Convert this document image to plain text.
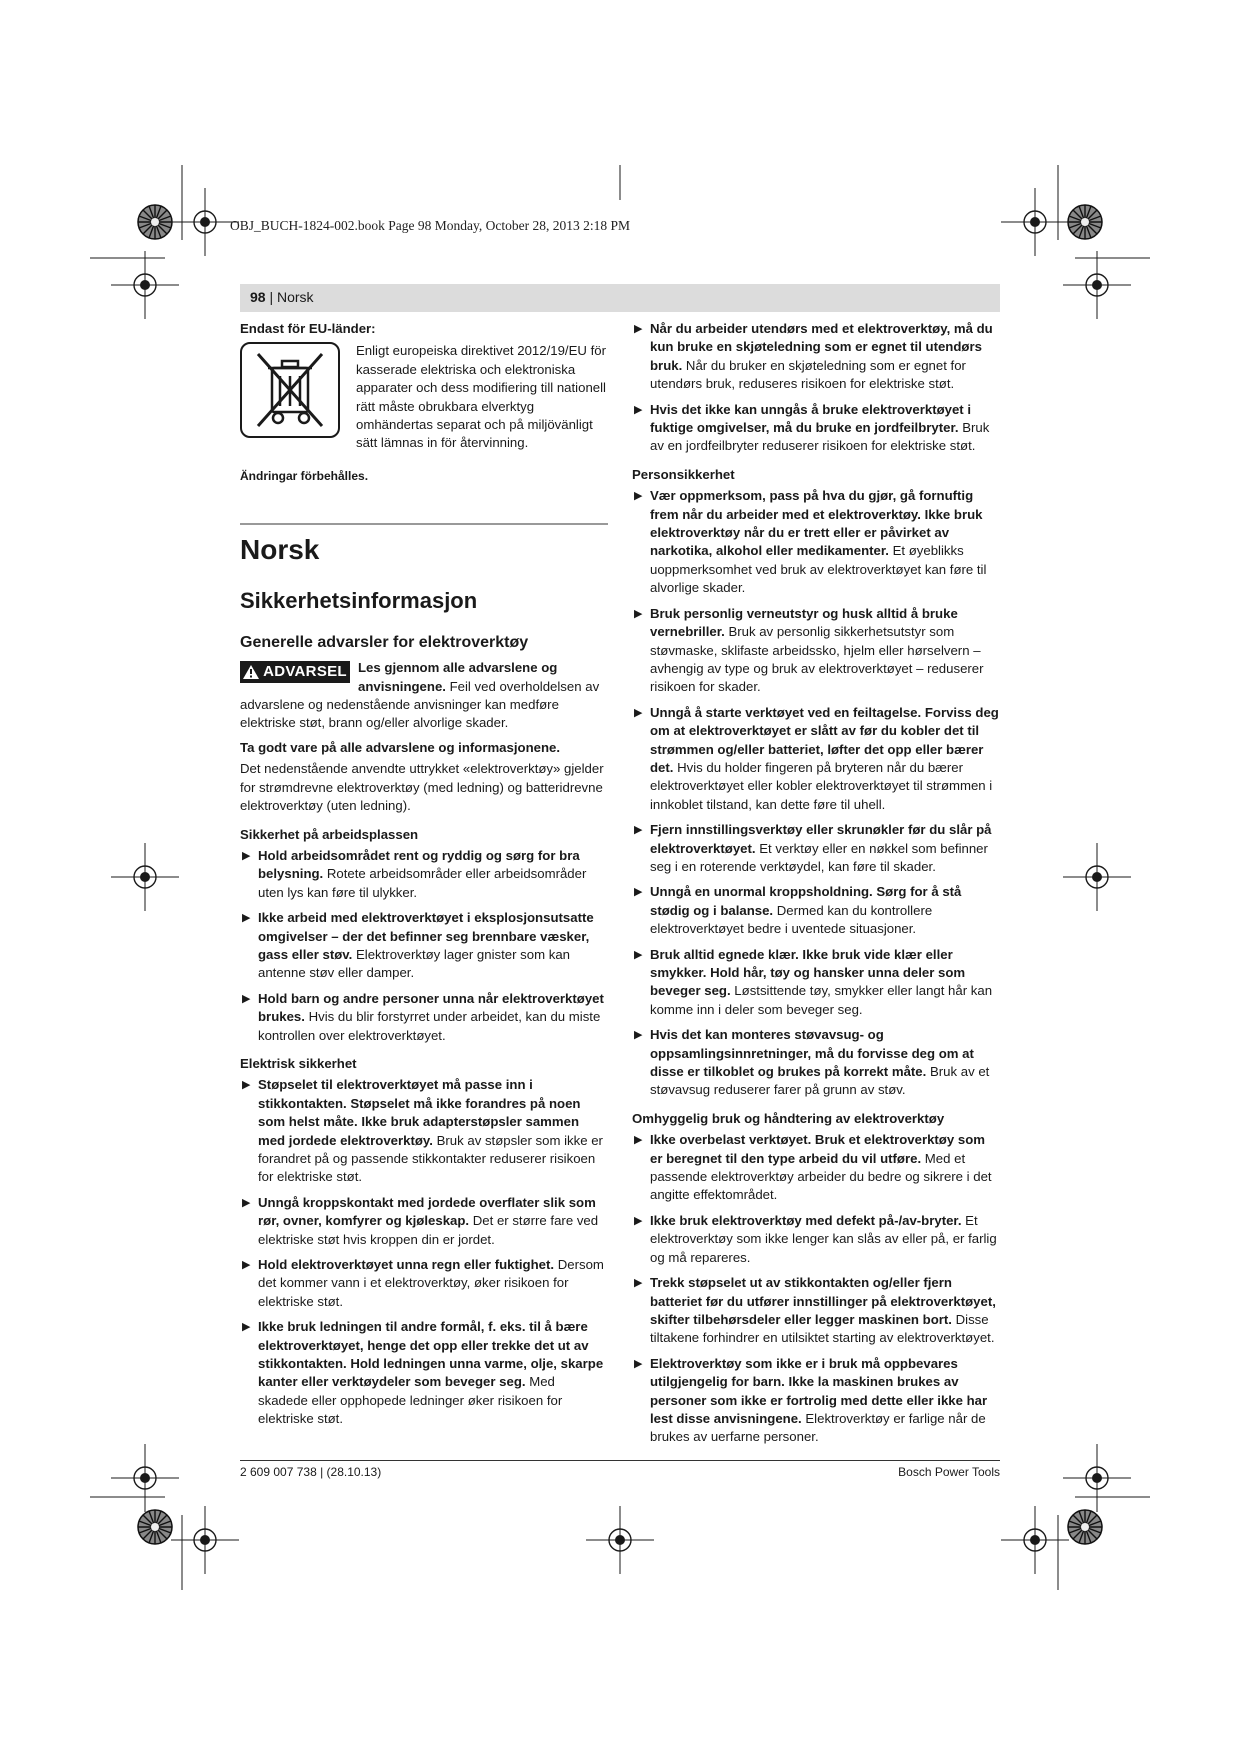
OBJ_BUCH-1824-002.book Page 98 Monday, October 28, 2013 2:18 PM
98 | Norsk
Endast för EU-länder:
Enligt europeiska direktivet 2012/19/EU för kasserade elektriska och elektroniska apparater och dess modifiering till nationell rätt måste obrukbara elverktyg omhändertas separat och på miljövänligt sätt lämnas in för återvinning.
Ändringar förbehålles.
Norsk
Sikkerhetsinformasjon
Generelle advarsler for elektroverktøy
ADVARSEL Les gjennom alle advarslene og anvisningene. Feil ved overholdelsen av advarslene og nedenstående anvisninger kan medføre elektriske støt, brann og/eller alvorlige skader.
Ta godt vare på alle advarslene og informasjonene.
Det nedenstående anvendte uttrykket «elektroverktøy» gjelder for strømdrevne elektroverktøy (med ledning) og batteridrevne elektroverktøy (uten ledning).
Sikkerhet på arbeidsplassen
▶ Hold arbeidsområdet rent og ryddig og sørg for bra belysning. Rotete arbeidsområder eller arbeidsområder uten lys kan føre til ulykker.
▶ Ikke arbeid med elektroverktøyet i eksplosjonsutsatte omgivelser – der det befinner seg brennbare væsker, gass eller støv. Elektroverktøy lager gnister som kan antenne støv eller damper.
▶ Hold barn og andre personer unna når elektroverktøyet brukes. Hvis du blir forstyrret under arbeidet, kan du miste kontrollen over elektroverktøyet.
Elektrisk sikkerhet
▶ Støpselet til elektroverktøyet må passe inn i stikkontakten. Støpselet må ikke forandres på noen som helst måte. Ikke bruk adapterstøpsler sammen med jordede elektroverktøy. Bruk av støpsler som ikke er forandret på og passende stikkontakter reduserer risikoen for elektriske støt.
▶ Unngå kroppskontakt med jordede overflater slik som rør, ovner, komfyrer og kjøleskap. Det er større fare ved elektriske støt hvis kroppen din er jordet.
▶ Hold elektroverktøyet unna regn eller fuktighet. Dersom det kommer vann i et elektroverktøy, øker risikoen for elektriske støt.
▶ Ikke bruk ledningen til andre formål, f. eks. til å bære elektroverktøyet, henge det opp eller trekke det ut av stikkontakten. Hold ledningen unna varme, olje, skarpe kanter eller verktøydeler som beveger seg. Med skadede eller opphopede ledninger øker risikoen for elektriske støt.
▶ Når du arbeider utendørs med et elektroverktøy, må du kun bruke en skjøteledning som er egnet til utendørs bruk. Når du bruker en skjøteledning som er egnet for utendørs bruk, reduseres risikoen for elektriske støt.
▶ Hvis det ikke kan unngås å bruke elektroverktøyet i fuktige omgivelser, må du bruke en jordfeilbryter. Bruk av en jordfeilbryter reduserer risikoen for elektriske støt.
Personsikkerhet
▶ Vær oppmerksom, pass på hva du gjør, gå fornuftig frem når du arbeider med et elektroverktøy. Ikke bruk elektroverktøy når du er trett eller er påvirket av narkotika, alkohol eller medikamenter. Et øyeblikks uoppmerksomhet ved bruk av elektroverktøyet kan føre til alvorlige skader.
▶ Bruk personlig verneutstyr og husk alltid å bruke vernebriller. Bruk av personlig sikkerhetsutstyr som støvmaske, sklifaste arbeidssko, hjelm eller hørselvern – avhengig av type og bruk av elektroverktøyet – reduserer risikoen for skader.
▶ Unngå å starte verktøyet ved en feiltagelse. Forviss deg om at elektroverktøyet er slått av før du kobler det til strømmen og/eller batteriet, løfter det opp eller bærer det. Hvis du holder fingeren på bryteren når du bærer elektroverktøyet eller kobler elektroverktøyet til strømmen i innkoblet tilstand, kan dette føre til uhell.
▶ Fjern innstillingsverktøy eller skrunøkler før du slår på elektroverktøyet. Et verktøy eller en nøkkel som befinner seg i en roterende verktøydel, kan føre til skader.
▶ Unngå en unormal kroppsholdning. Sørg for å stå stødig og i balanse. Dermed kan du kontrollere elektroverktøyet bedre i uventede situasjoner.
▶ Bruk alltid egnede klær. Ikke bruk vide klær eller smykker. Hold hår, tøy og hansker unna deler som beveger seg. Løstsittende tøy, smykker eller langt hår kan komme inn i deler som beveger seg.
▶ Hvis det kan monteres støvavsug- og oppsamlingsinnretninger, må du forvisse deg om at disse er tilkoblet og brukes på korrekt måte. Bruk av et støvavsug reduserer farer på grunn av støv.
Omhyggelig bruk og håndtering av elektroverktøy
▶ Ikke overbelast verktøyet. Bruk et elektroverktøy som er beregnet til den type arbeid du vil utføre. Med et passende elektroverktøy arbeider du bedre og sikrere i det angitte effektområdet.
▶ Ikke bruk elektroverktøy med defekt på-/av-bryter. Et elektroverktøy som ikke lenger kan slås av eller på, er farlig og må repareres.
▶ Trekk støpselet ut av stikkontakten og/eller fjern batteriet før du utfører innstillinger på elektroverktøyet, skifter tilbehørsdeler eller legger maskinen bort. Disse tiltakene forhindrer en utilsiktet starting av elektroverktøyet.
▶ Elektroverktøy som ikke er i bruk må oppbevares utilgjengelig for barn. Ikke la maskinen brukes av personer som ikke er fortrolig med dette eller ikke har lest disse anvisningene. Elektroverktøy er farlige når de brukes av uerfarne personer.
2 609 007 738 | (28.10.13)	Bosch Power Tools
